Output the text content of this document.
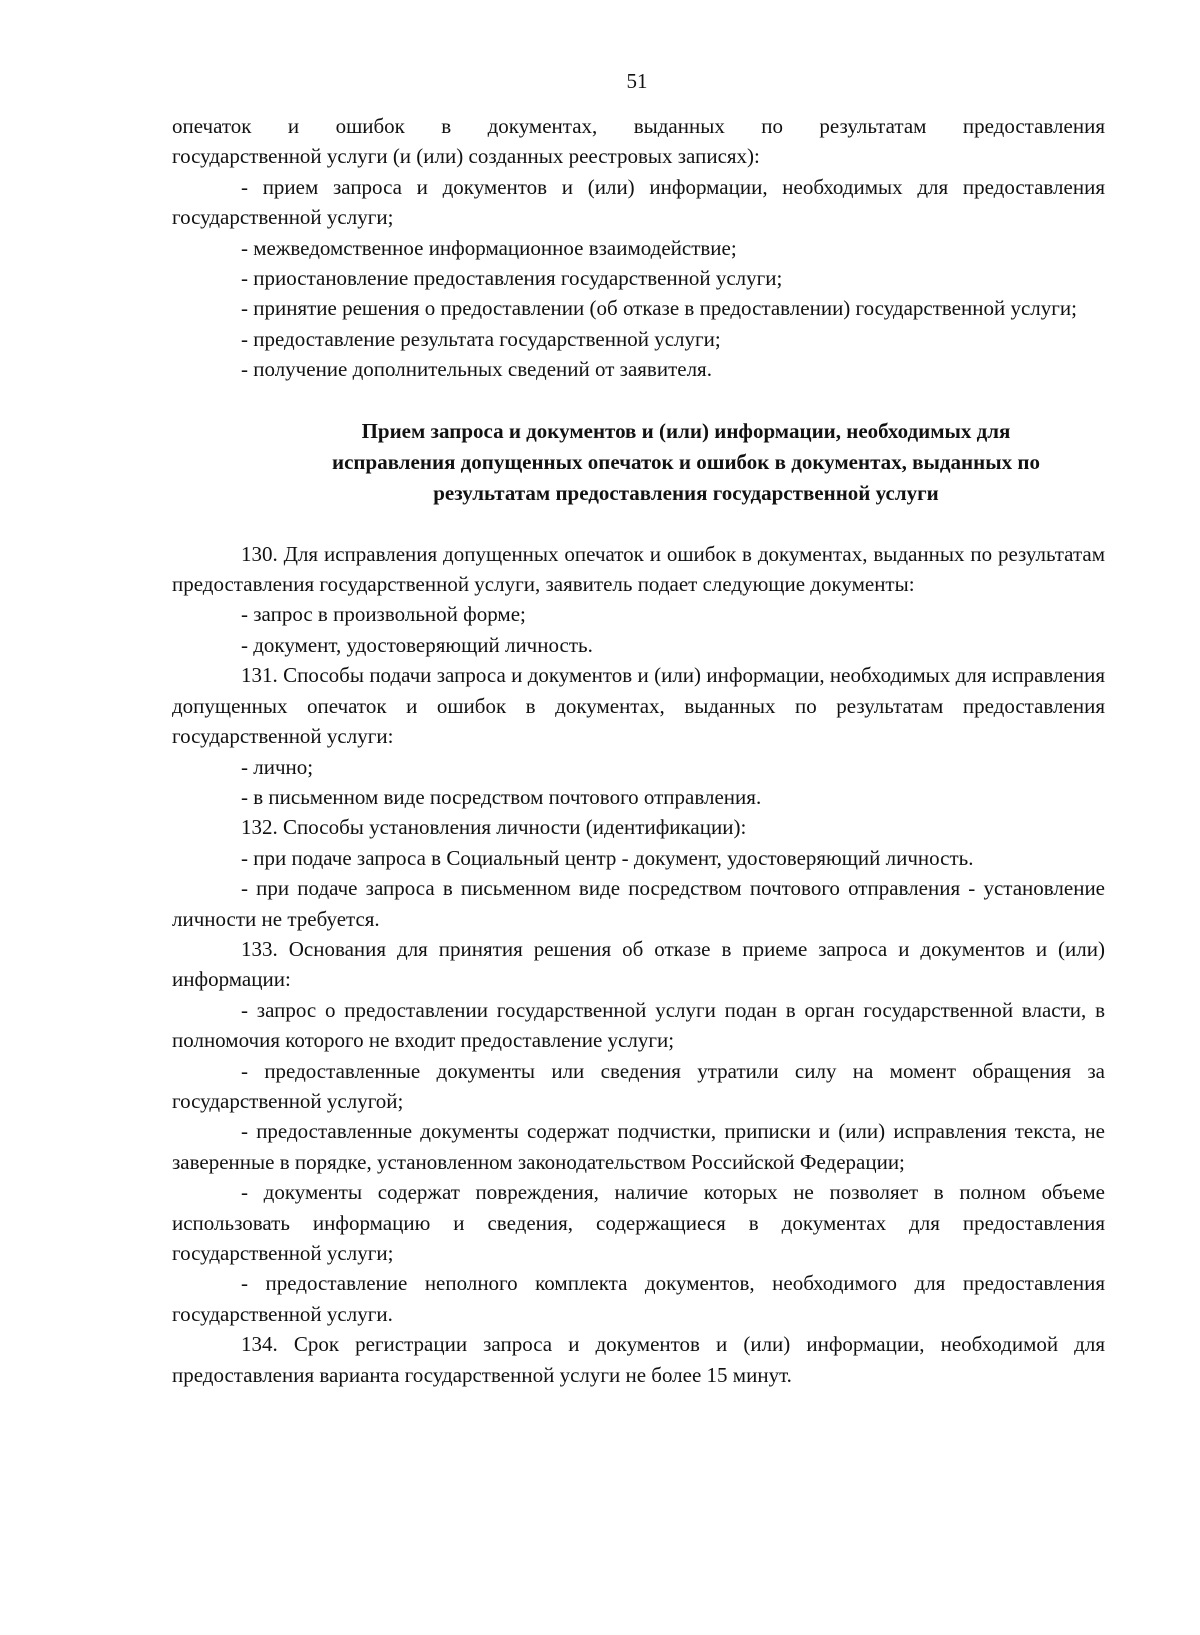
51

опечаток и ошибок в документах, выданных по результатам предоставления

государственной услуги (и (или) созданных реестровых записях):

- прием запроса и документов и (или) информации, необходимых для предоставления государственной услуги;

- межведомственное информационное взаимодействие;

- приостановление предоставления государственной услуги;

- принятие решения о предоставлении (об отказе в предоставлении) государственной услуги;

- предоставление результата государственной услуги;

- получение дополнительных сведений от заявителя.

Прием запроса и документов и (или) информации, необходимых для
исправления допущенных опечаток и ошибок в документах, выданных по
результатам предоставления государственной услуги

130. Для исправления допущенных опечаток и ошибок в документах, выданных по результатам предоставления государственной услуги, заявитель подает следующие документы:

- запрос в произвольной форме;

- документ, удостоверяющий личность.

131. Способы подачи запроса и документов и (или) информации, необходимых для исправления допущенных опечаток и ошибок в документах, выданных по результатам предоставления государственной услуги:

- лично;

- в письменном виде посредством почтового отправления.

132. Способы установления личности (идентификации):

- при подаче запроса в Социальный центр - документ, удостоверяющий личность.

- при подаче запроса в письменном виде посредством почтового отправления - установление личности не требуется.

133. Основания для принятия решения об отказе в приеме запроса и документов и (или) информации:

- запрос о предоставлении государственной услуги подан в орган государственной власти, в полномочия которого не входит предоставление услуги;

- предоставленные документы или сведения утратили силу на момент обращения за государственной услугой;

- предоставленные документы содержат подчистки, приписки и (или) исправления текста, не заверенные в порядке, установленном законодательством Российской Федерации;

- документы содержат повреждения, наличие которых не позволяет в полном объеме использовать информацию и сведения, содержащиеся в документах для предоставления государственной услуги;

- предоставление неполного комплекта документов, необходимого для предоставления государственной услуги.

134. Срок регистрации запроса и документов и (или) информации, необходимой для предоставления варианта государственной услуги не более 15 минут.
